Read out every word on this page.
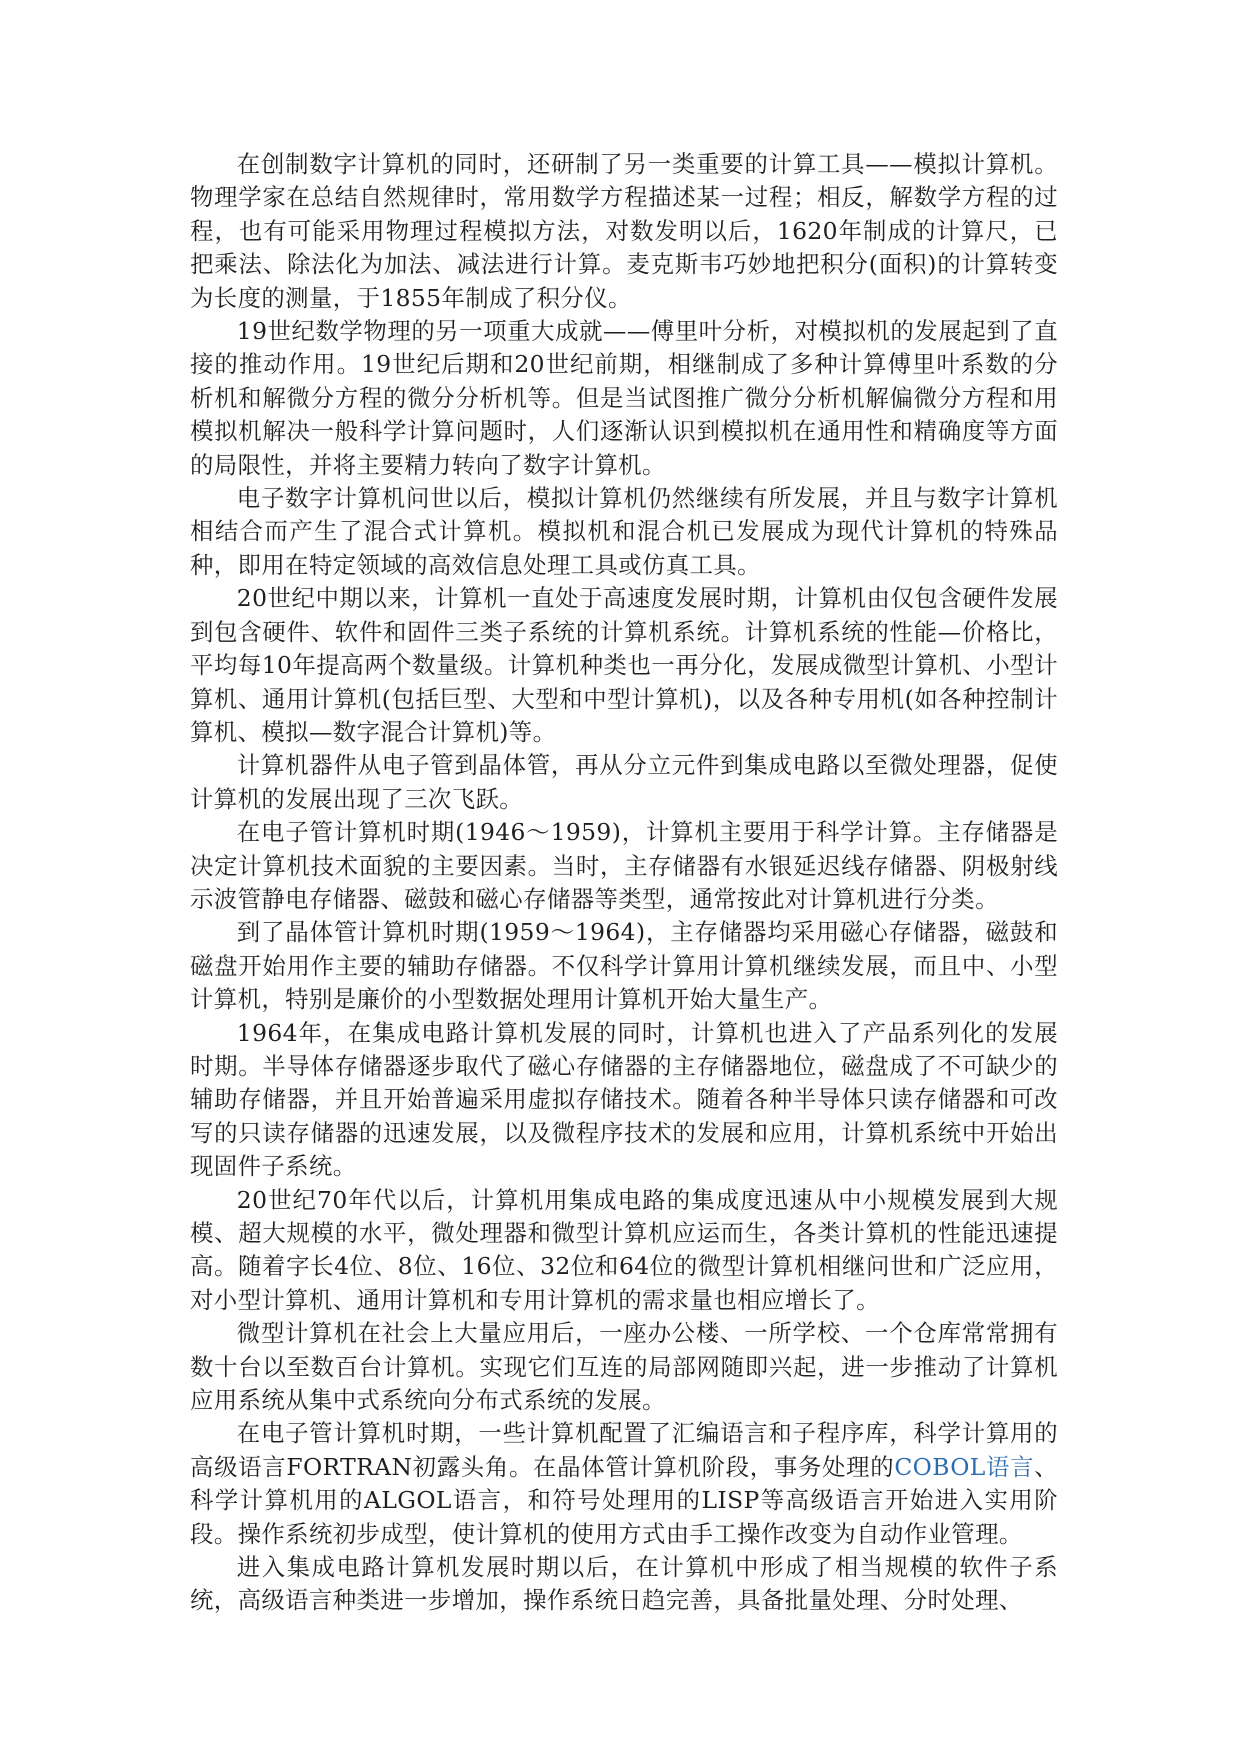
在创制数字计算机的同时，还研制了另一类重要的计算工具——模拟计算机。物理学家在总结自然规律时，常用数学方程描述某一过程；相反，解数学方程的过程，也有可能采用物理过程模拟方法，对数发明以后，1620年制成的计算尺，已把乘法、除法化为加法、减法进行计算。麦克斯韦巧妙地把积分(面积)的计算转变为长度的测量，于1855年制成了积分仪。

19世纪数学物理的另一项重大成就——傅里叶分析，对模拟机的发展起到了直接的推动作用。19世纪后期和20世纪前期，相继制成了多种计算傅里叶系数的分析机和解微分方程的微分分析机等。但是当试图推广微分分析机解偏微分方程和用模拟机解决一般科学计算问题时，人们逐渐认识到模拟机在通用性和精确度等方面的局限性，并将主要精力转向了数字计算机。

电子数字计算机问世以后，模拟计算机仍然继续有所发展，并且与数字计算机相结合而产生了混合式计算机。模拟机和混合机已发展成为现代计算机的特殊品种，即用在特定领域的高效信息处理工具或仿真工具。

20世纪中期以来，计算机一直处于高速度发展时期，计算机由仅包含硬件发展到包含硬件、软件和固件三类子系统的计算机系统。计算机系统的性能—价格比，平均每10年提高两个数量级。计算机种类也一再分化，发展成微型计算机、小型计算机、通用计算机(包括巨型、大型和中型计算机)，以及各种专用机(如各种控制计算机、模拟—数字混合计算机)等。

计算机器件从电子管到晶体管，再从分立元件到集成电路以至微处理器，促使计算机的发展出现了三次飞跃。

在电子管计算机时期(1946～1959)，计算机主要用于科学计算。主存储器是决定计算机技术面貌的主要因素。当时，主存储器有水银延迟线存储器、阴极射线示波管静电存储器、磁鼓和磁心存储器等类型，通常按此对计算机进行分类。

到了晶体管计算机时期(1959～1964)，主存储器均采用磁心存储器，磁鼓和磁盘开始用作主要的辅助存储器。不仅科学计算用计算机继续发展，而且中、小型计算机，特别是廉价的小型数据处理用计算机开始大量生产。

1964年，在集成电路计算机发展的同时，计算机也进入了产品系列化的发展时期。半导体存储器逐步取代了磁心存储器的主存储器地位，磁盘成了不可缺少的辅助存储器，并且开始普遍采用虚拟存储技术。随着各种半导体只读存储器和可改写的只读存储器的迅速发展，以及微程序技术的发展和应用，计算机系统中开始出现固件子系统。

20世纪70年代以后，计算机用集成电路的集成度迅速从中小规模发展到大规模、超大规模的水平，微处理器和微型计算机应运而生，各类计算机的性能迅速提高。随着字长4位、8位、16位、32位和64位的微型计算机相继问世和广泛应用，对小型计算机、通用计算机和专用计算机的需求量也相应增长了。

微型计算机在社会上大量应用后，一座办公楼、一所学校、一个仓库常常拥有数十台以至数百台计算机。实现它们互连的局部网随即兴起，进一步推动了计算机应用系统从集中式系统向分布式系统的发展。

在电子管计算机时期，一些计算机配置了汇编语言和子程序库，科学计算用的高级语言FORTRAN初露头角。在晶体管计算机阶段，事务处理的COBOL语言、科学计算机用的ALGOL语言，和符号处理用的LISP等高级语言开始进入实用阶段。操作系统初步成型，使计算机的使用方式由手工操作改变为自动作业管理。

进入集成电路计算机发展时期以后，在计算机中形成了相当规模的软件子系统，高级语言种类进一步增加，操作系统日趋完善，具备批量处理、分时处理、
